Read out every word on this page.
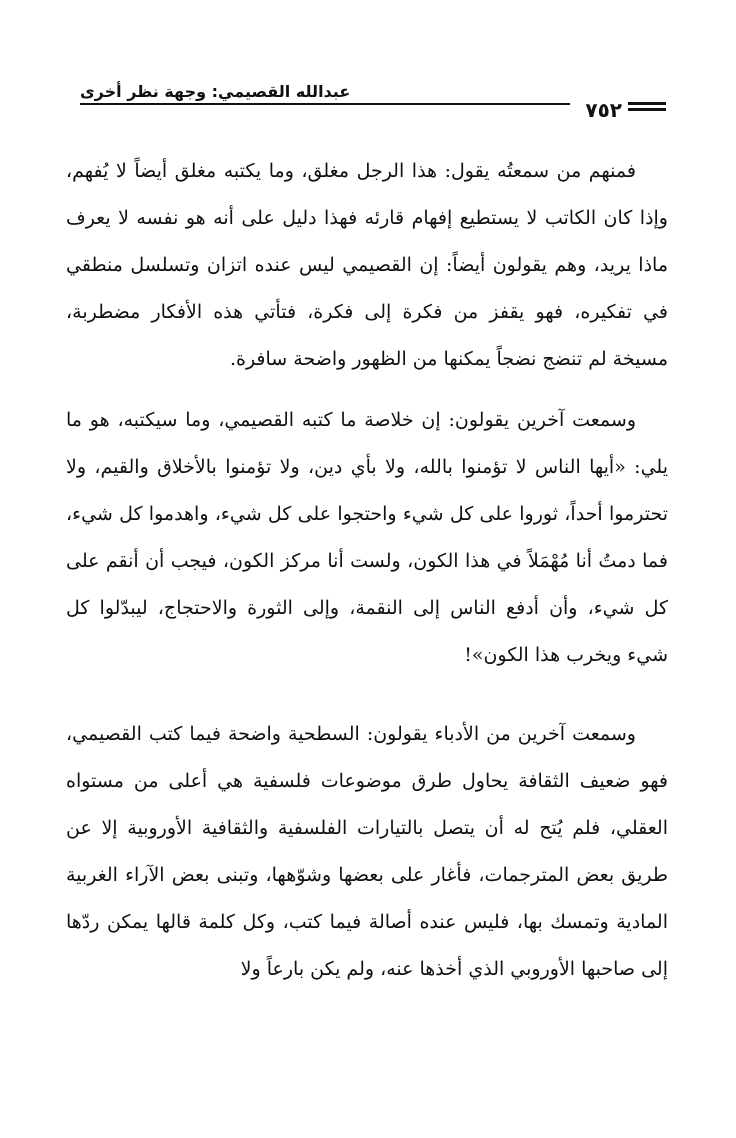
عبدالله القصيمي: وجهة نظر أخرى
٧٥٢

فمنهم من سمعتُه يقول: هذا الرجل مغلق، وما يكتبه مغلق أيضاً لا يُفهم، وإذا كان الكاتب لا يستطيع إفهام قارئه فهذا دليل على أنه هو نفسه لا يعرف ماذا يريد، وهم يقولون أيضاً: إن القصيمي ليس عنده اتزان وتسلسل منطقي في تفكيره، فهو يقفز من فكرة إلى فكرة، فتأتي هذه الأفكار مضطربة، مسيخة لم تنضج نضجاً يمكنها من الظهور واضحة سافرة.

وسمعت آخرين يقولون: إن خلاصة ما كتبه القصيمي، وما سيكتبه، هو ما يلي: «أيها الناس لا تؤمنوا بالله، ولا بأي دين، ولا تؤمنوا بالأخلاق والقيم، ولا تحترموا أحداً، ثوروا على كل شيء واحتجوا على كل شيء، واهدموا كل شيء، فما دمتُ أنا مُهْمَلاً في هذا الكون، ولست أنا مركز الكون، فيجب أن أنقم على كل شيء، وأن أدفع الناس إلى النقمة، وإلى الثورة والاحتجاج، ليبدّلوا كل شيء ويخرب هذا الكون»!

وسمعت آخرين من الأدباء يقولون: السطحية واضحة فيما كتب القصيمي، فهو ضعيف الثقافة يحاول طرق موضوعات فلسفية هي أعلى من مستواه العقلي، فلم يُتح له أن يتصل بالتيارات الفلسفية والثقافية الأوروبية إلا عن طريق بعض المترجمات، فأغار على بعضها وشوّهها، وتبنى بعض الآراء الغربية المادية وتمسك بها، فليس عنده أصالة فيما كتب، وكل كلمة قالها يمكن ردّها إلى صاحبها الأوروبي الذي أخذها عنه، ولم يكن بارعاً ولا
